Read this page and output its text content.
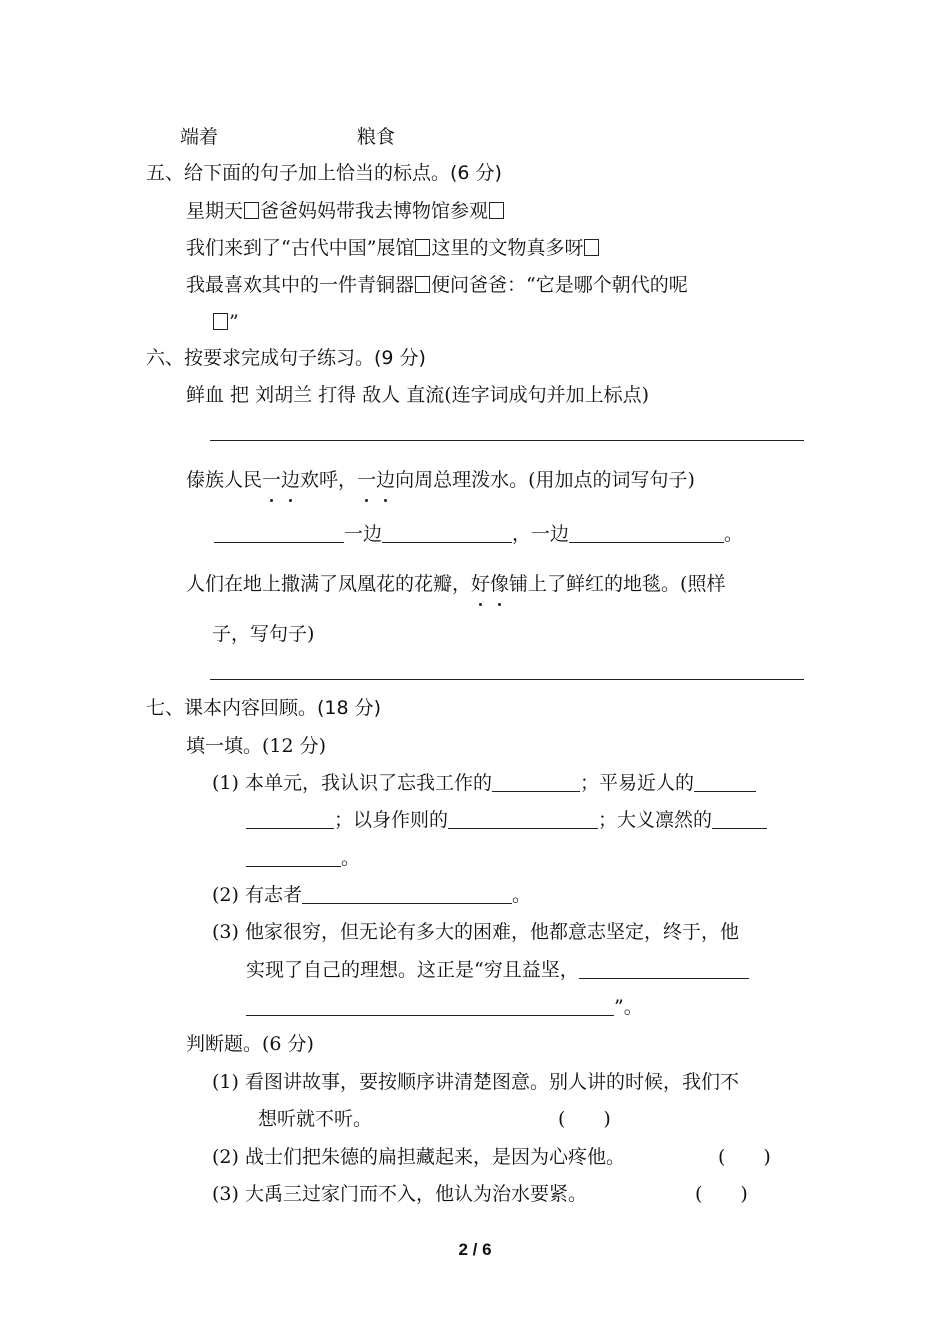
端着	粮食
五、给下面的句子加上恰当的标点。(6 分)
星期天 爸爸妈妈带我去博物馆参观
我们来到了“古代中国”展馆 这里的文物真多呀
我最喜欢其中的一件青铜器 便问爸爸：“它是哪个朝代的呢
”
六、按要求完成句子练习。(9 分)
鲜血 把 刘胡兰 打得 敌人 直流(连字词成句并加上标点)
傣族人民一边欢呼，一边向周总理泼水。(用加点的词写句子)
一边	，一边	。
人们在地上撒满了凤凰花的花瓣，好像铺上了鲜红的地毯。(照样
子，写句子)
七、课本内容回顾。(18 分)
填一填。(12 分)
(1) 本单元，我认识了忘我工作的	；平易近人的
；以身作则的	；大义凛然的
。
(2) 有志者	。
(3) 他家很穷，但无论有多大的困难，他都意志坚定，终于，他
实现了自己的理想。这正是“穷且益坚，
”。
判断题。(6 分)
(1) 看图讲故事，要按顺序讲清楚图意。别人讲的时候，我们不
想听就不听。	(　　)
(2) 战士们把朱德的扁担藏起来，是因为心疼他。	(　　)
(3) 大禹三过家门而不入，他认为治水要紧。	(　　)
2 / 6
